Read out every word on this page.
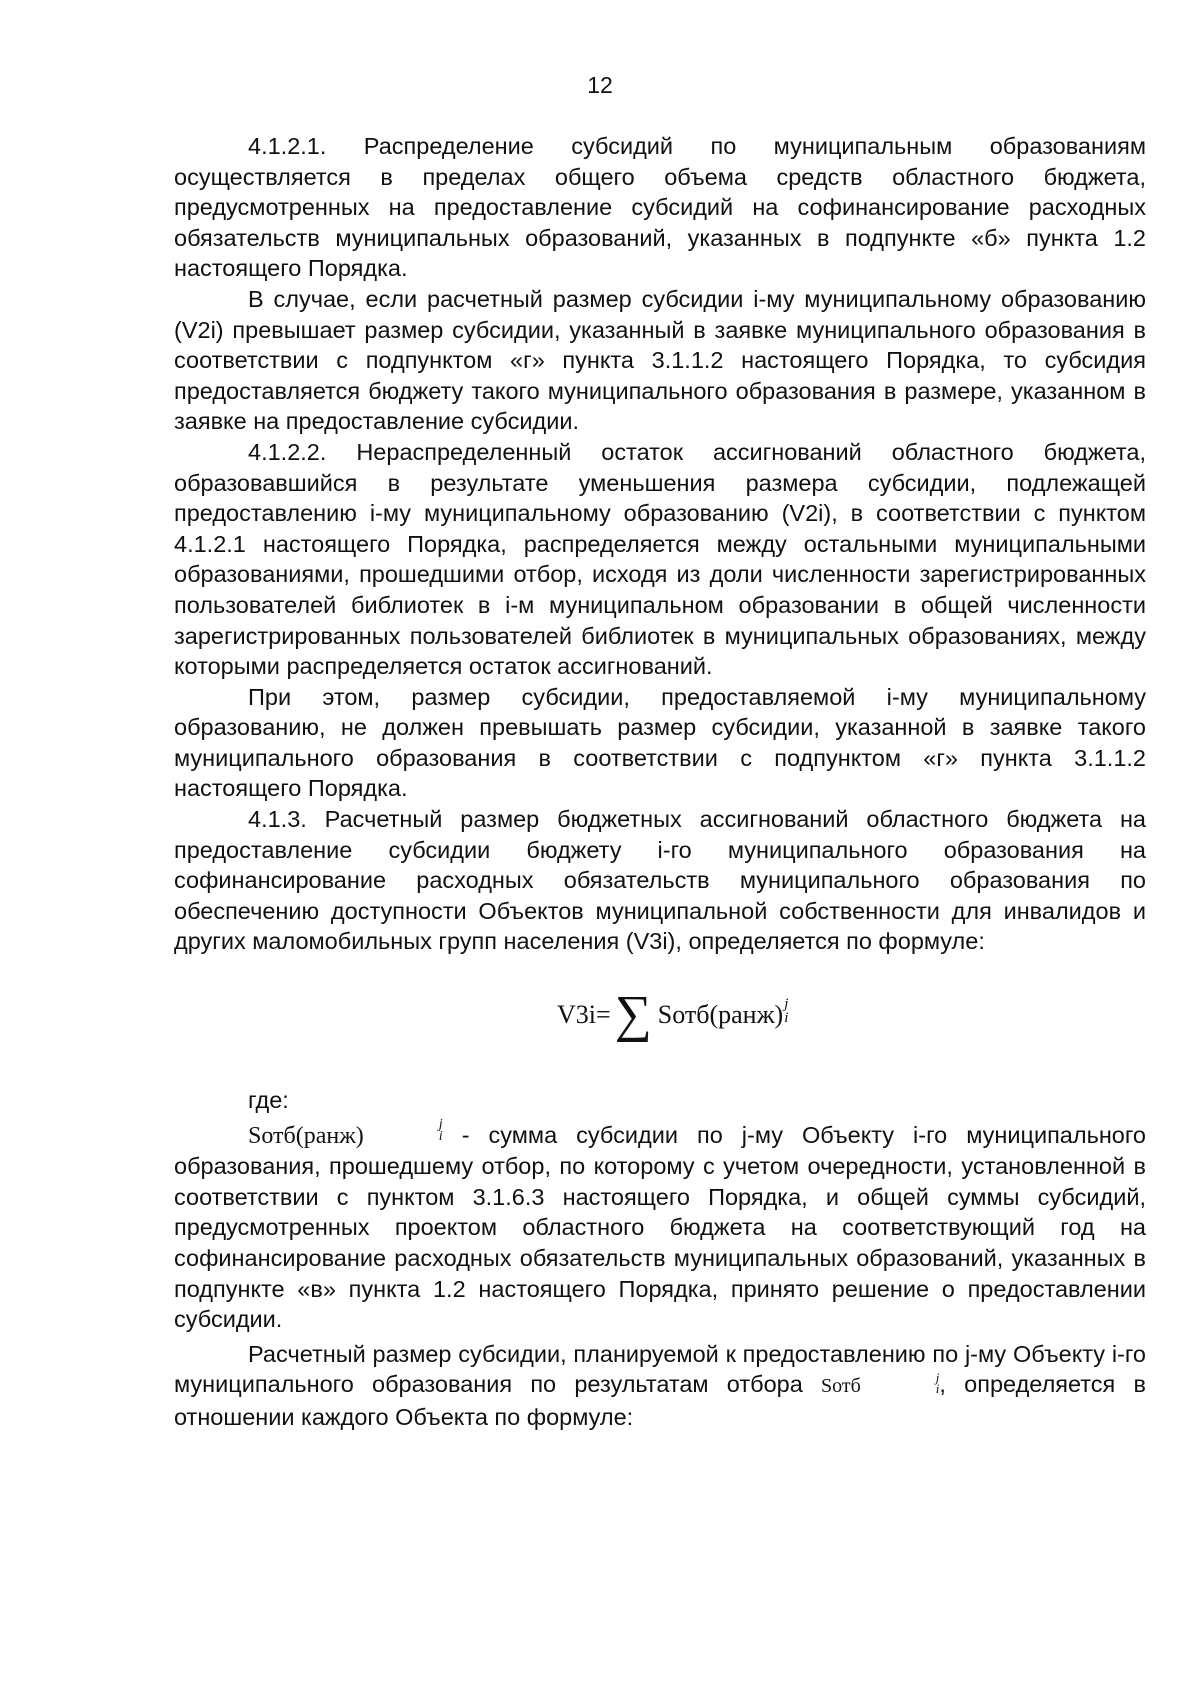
12

4.1.2.1. Распределение субсидий по муниципальным образованиям осуществляется в пределах общего объема средств областного бюджета, предусмотренных на предоставление субсидий на софинансирование расходных обязательств муниципальных образований, указанных в подпункте «б» пункта 1.2 настоящего Порядка.

В случае, если расчетный размер субсидии i-му муниципальному образованию (V2i) превышает размер субсидии, указанный в заявке муниципального образования в соответствии с подпунктом «г» пункта 3.1.1.2 настоящего Порядка, то субсидия предоставляется бюджету такого муниципального образования в размере, указанном в заявке на предоставление субсидии.

4.1.2.2. Нераспределенный остаток ассигнований областного бюджета, образовавшийся в результате уменьшения размера субсидии, подлежащей предоставлению i-му муниципальному образованию (V2i), в соответствии с пунктом 4.1.2.1 настоящего Порядка, распределяется между остальными муниципальными образованиями, прошедшими отбор, исходя из доли численности зарегистрированных пользователей библиотек в i-м муниципальном образовании в общей численности зарегистрированных пользователей библиотек в муниципальных образованиях, между которыми распределяется остаток ассигнований.

При этом, размер субсидии, предоставляемой i-му муниципальному образованию, не должен превышать размер субсидии, указанной в заявке такого муниципального образования в соответствии с подпунктом «г» пункта 3.1.1.2 настоящего Порядка.

4.1.3. Расчетный размер бюджетных ассигнований областного бюджета на предоставление субсидии бюджету i-го муниципального образования на софинансирование расходных обязательств муниципального образования по обеспечению доступности Объектов муниципальной собственности для инвалидов и других маломобильных групп населения (V3i), определяется по формуле:

V3i= ∑ Sотб(ранж) j
i

где:

Sотб(ранж)	j
i - сумма субсидии по j-му Объекту i-го муниципального образования, прошедшему отбор, по которому с учетом очередности, установленной в соответствии с пунктом 3.1.6.3 настоящего Порядка, и общей суммы субсидий, предусмотренных проектом областного бюджета на соответствующий год на софинансирование расходных обязательств муниципальных образований, указанных в подпункте «в» пункта 1.2 настоящего Порядка, принято решение о предоставлении субсидии.

Расчетный размер субсидии, планируемой к предоставлению по j-му Объекту i-го муниципального образования по результатам отбора Sотб	j
i , определяется в отношении каждого Объекта по формуле:
